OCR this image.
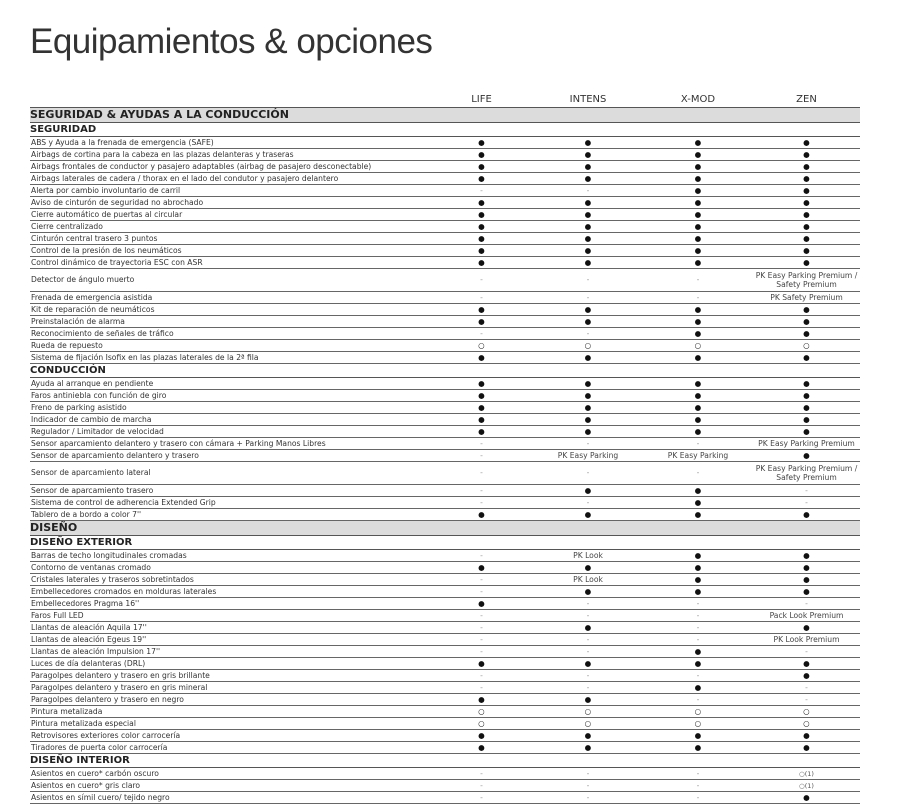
Equipamientos & opciones
	LIFE	INTENS	X-MOD	ZEN
SEGURIDAD & AYUDAS A LA CONDUCCIÓN				
SEGURIDAD				
ABS y Ayuda a la frenada de emergencia (SAFE)	●	●	●	●
Airbags de cortina para la cabeza en las plazas delanteras y traseras	●	●	●	●
Airbags frontales de conductor y pasajero adaptables (airbag de pasajero desconectable)	●	●	●	●
Airbags laterales de cadera / thorax en el lado del condutor y pasajero delantero	●	●	●	●
Alerta por cambio involuntario de carril	-	-	●	●
Aviso de cinturón de seguridad no abrochado	●	●	●	●
Cierre automático de puertas al circular	●	●	●	●
Cierre centralizado	●	●	●	●
Cinturón central trasero 3 puntos	●	●	●	●
Control de la presión de los neumáticos	●	●	●	●
Control dinámico de trayectoria ESC con ASR	●	●	●	●
Detector de ángulo muerto	-	-	-	PK Easy Parking Premium / Safety Premium
Frenada de emergencia asistida	-	-	-	PK Safety Premium
Kit de reparación de neumáticos	●	●	●	●
Preinstalación de alarma	●	●	●	●
Reconocimiento de señales de tráfico	-	-	●	●
Rueda de repuesto	○	○	○	○
Sistema de fijación Isofix en las plazas laterales de la 2ª fila	●	●	●	●
CONDUCCIÓN				
Ayuda al arranque en pendiente	●	●	●	●
Faros antiniebla con función de giro	●	●	●	●
Freno de parking asistido	●	●	●	●
Indicador de cambio de marcha	●	●	●	●
Regulador / Limitador de velocidad	●	●	●	●
Sensor aparcamiento delantero y trasero con cámara + Parking Manos Libres	-	-	-	PK Easy Parking Premium
Sensor de aparcamiento delantero y trasero	-	PK Easy Parking	PK Easy Parking	●
Sensor de aparcamiento lateral	-	-	-	PK Easy Parking Premium / Safety Premium
Sensor de aparcamiento trasero	-	●	●	-
Sistema de control de adherencia Extended Grip	-	-	●	-
Tablero de a bordo a color 7''	●	●	●	●
DISEÑO				
DISEÑO EXTERIOR				
Barras de techo longitudinales cromadas	-	PK Look	●	●
Contorno de ventanas cromado	●	●	●	●
Cristales laterales y traseros sobretintados	-	PK Look	●	●
Embellecedores cromados en molduras laterales	-	●	●	●
Embellecedores Pragma 16''	●	-	-	-
Faros Full LED	-	-	-	Pack Look Premium
Llantas de aleación Aquila 17''	-	●	-	●
Llantas de aleación Egeus 19''	-	-	-	PK Look Premium
Llantas de aleación Impulsion 17''	-	-	●	-
Luces de día delanteras (DRL)	●	●	●	●
Paragolpes delantero y trasero en gris brillante	-	-	-	●
Paragolpes delantero y trasero en gris mineral	-	-	●	-
Paragolpes delantero y trasero en negro	●	●	-	-
Pintura metalizada	○	○	○	○
Pintura metalizada especial	○	○	○	○
Retrovisores exteriores color carrocería	●	●	●	●
Tiradores de puerta color carrocería	●	●	●	●
DISEÑO INTERIOR				
Asientos en cuero* carbón oscuro	-	-	-	○(1)
Asientos en cuero* gris claro	-	-	-	○(1)
Asientos en símil cuero/ tejido negro	-	-	-	●
